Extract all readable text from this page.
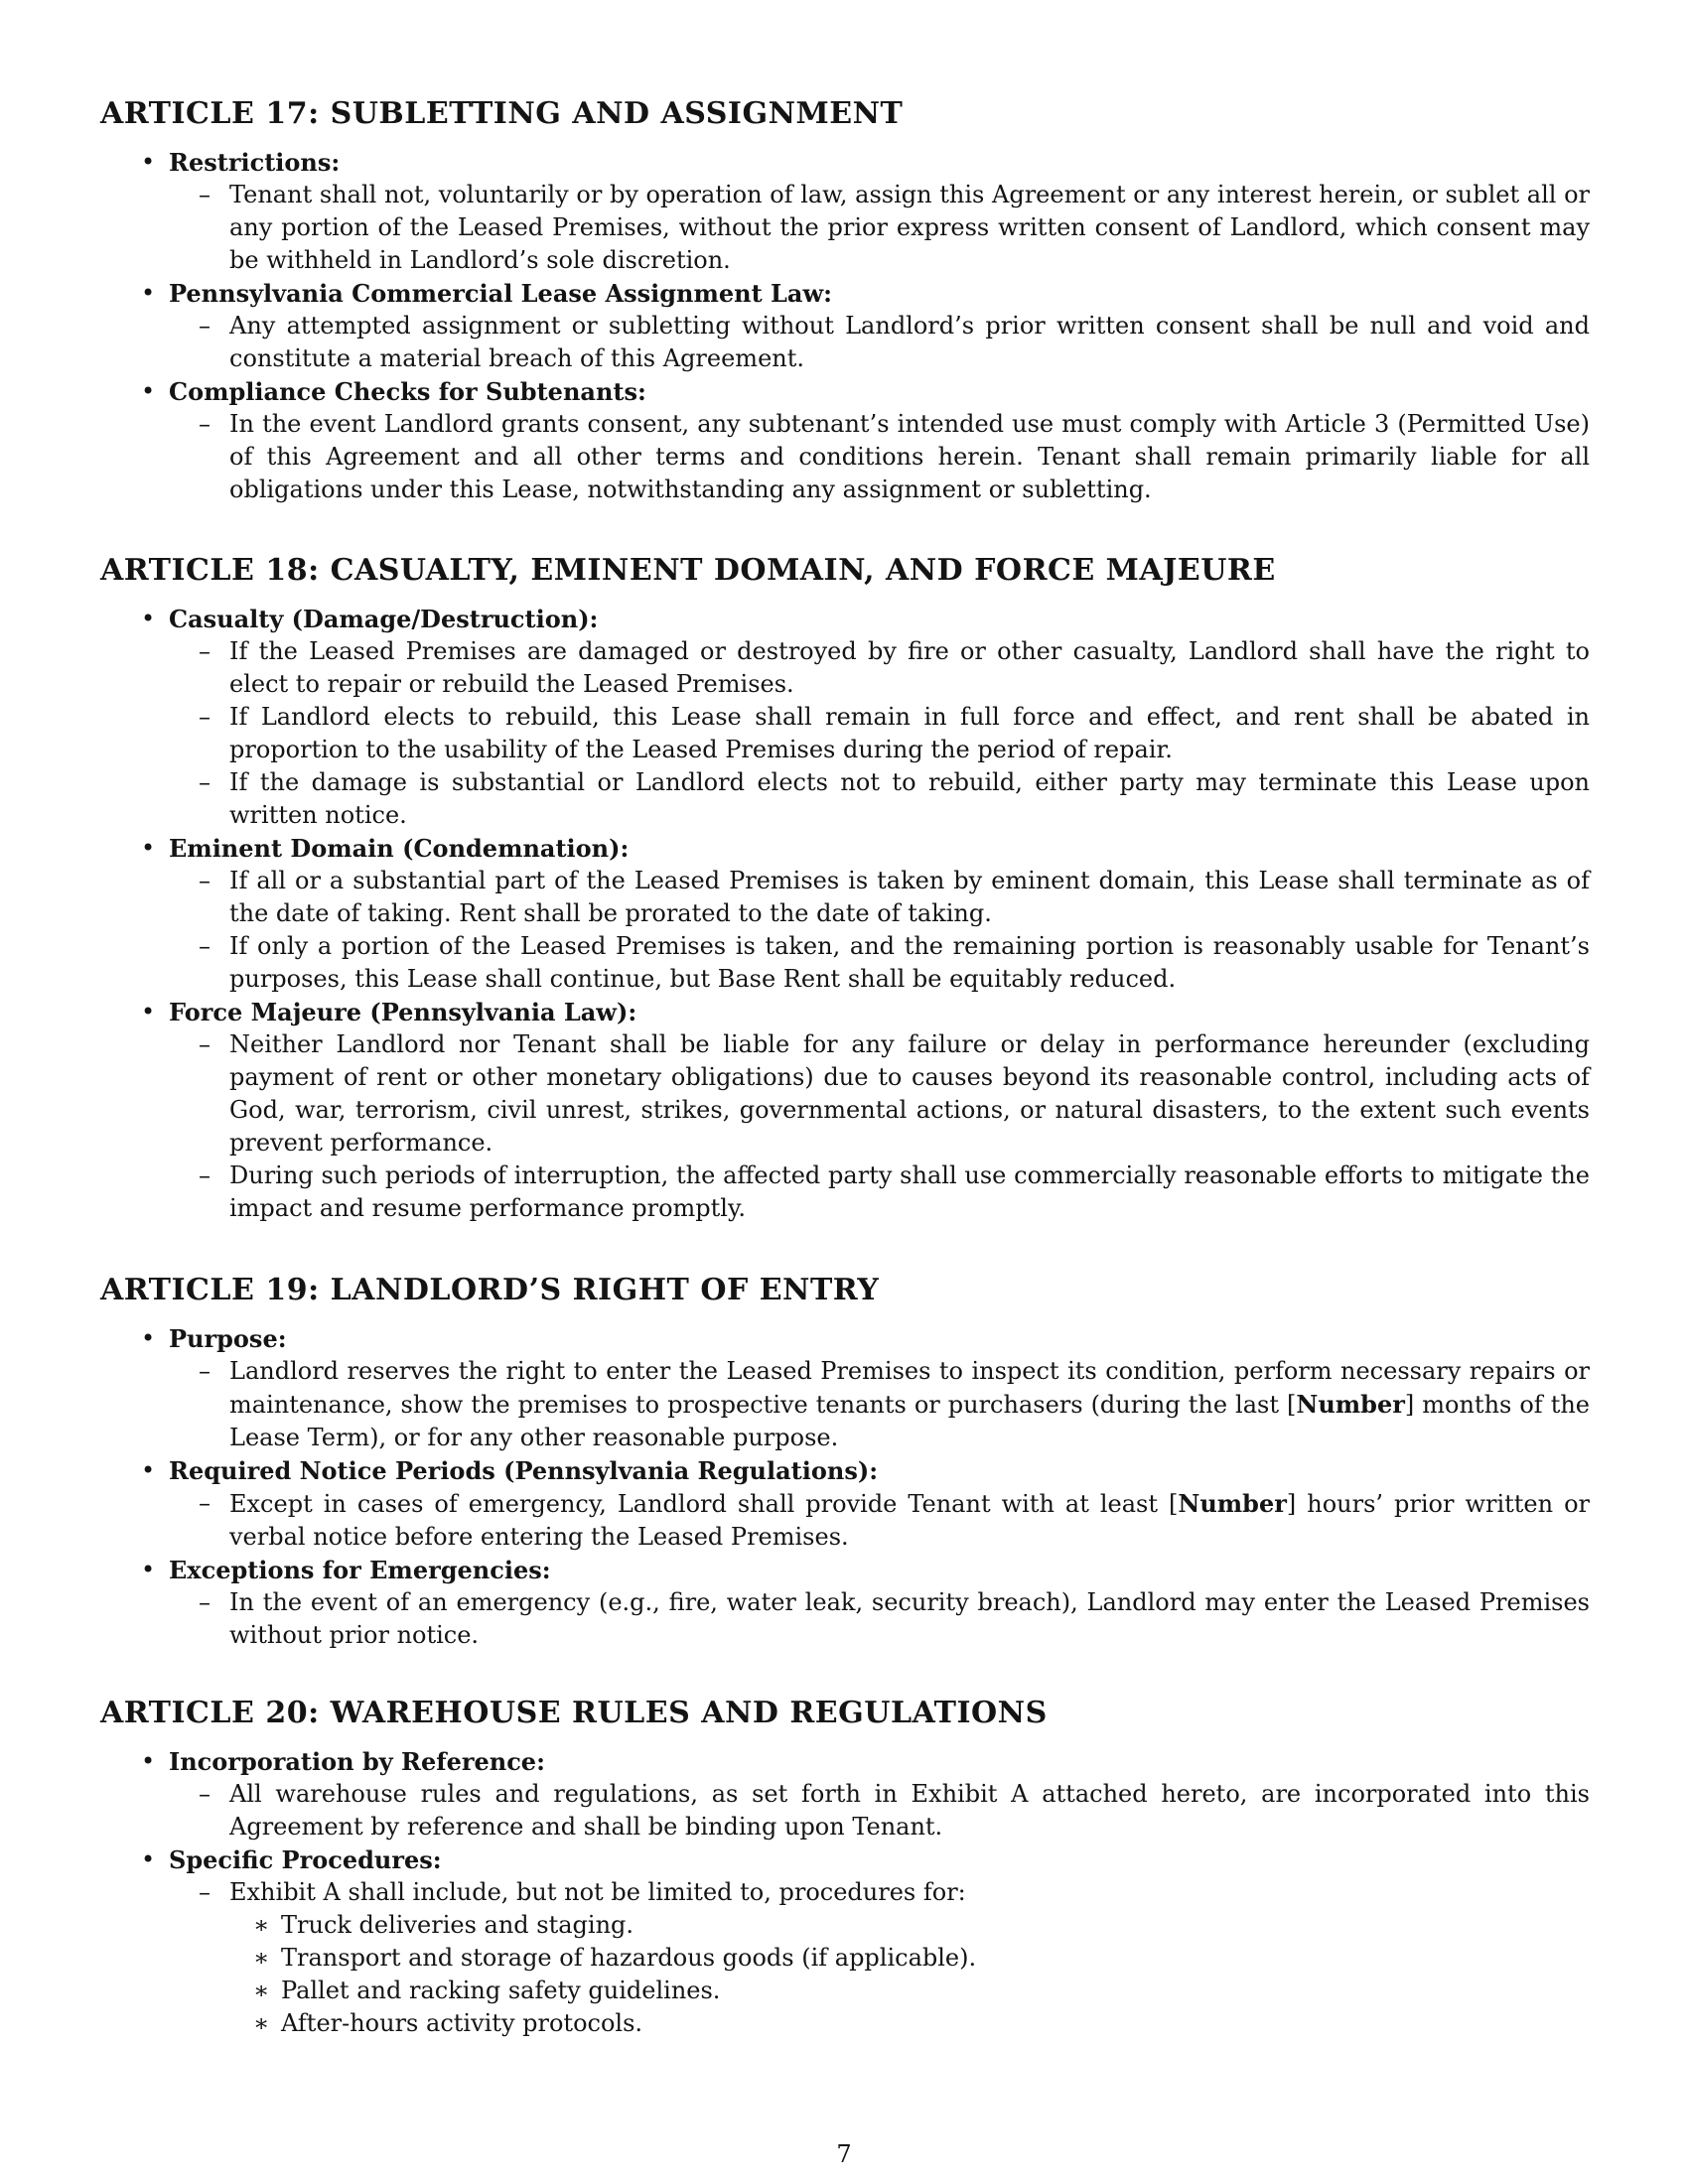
ARTICLE 17: SUBLETTING AND ASSIGNMENT
• Restrictions:
– Tenant shall not, voluntarily or by operation of law, assign this Agreement or any interest herein, or sublet all or any portion of the Leased Premises, without the prior express written consent of Landlord, which consent may be withheld in Landlord’s sole discretion.
• Pennsylvania Commercial Lease Assignment Law:
– Any attempted assignment or subletting without Landlord’s prior written consent shall be null and void and constitute a material breach of this Agreement.
• Compliance Checks for Subtenants:
– In the event Landlord grants consent, any subtenant’s intended use must comply with Article 3 (Permitted Use) of this Agreement and all other terms and conditions herein. Tenant shall remain primarily liable for all obligations under this Lease, notwithstanding any assignment or subletting.
ARTICLE 18: CASUALTY, EMINENT DOMAIN, AND FORCE MAJEURE
• Casualty (Damage/Destruction):
– If the Leased Premises are damaged or destroyed by fire or other casualty, Landlord shall have the right to elect to repair or rebuild the Leased Premises.
– If Landlord elects to rebuild, this Lease shall remain in full force and effect, and rent shall be abated in proportion to the usability of the Leased Premises during the period of repair.
– If the damage is substantial or Landlord elects not to rebuild, either party may terminate this Lease upon written notice.
• Eminent Domain (Condemnation):
– If all or a substantial part of the Leased Premises is taken by eminent domain, this Lease shall terminate as of the date of taking. Rent shall be prorated to the date of taking.
– If only a portion of the Leased Premises is taken, and the remaining portion is reasonably usable for Tenant’s purposes, this Lease shall continue, but Base Rent shall be equitably reduced.
• Force Majeure (Pennsylvania Law):
– Neither Landlord nor Tenant shall be liable for any failure or delay in performance hereunder (excluding payment of rent or other monetary obligations) due to causes beyond its reasonable control, including acts of God, war, terrorism, civil unrest, strikes, governmental actions, or natural disasters, to the extent such events prevent performance.
– During such periods of interruption, the affected party shall use commercially reasonable efforts to mitigate the impact and resume performance promptly.
ARTICLE 19: LANDLORD’S RIGHT OF ENTRY
• Purpose:
– Landlord reserves the right to enter the Leased Premises to inspect its condition, perform necessary repairs or maintenance, show the premises to prospective tenants or purchasers (during the last [Number] months of the Lease Term), or for any other reasonable purpose.
• Required Notice Periods (Pennsylvania Regulations):
– Except in cases of emergency, Landlord shall provide Tenant with at least [Number] hours’ prior written or verbal notice before entering the Leased Premises.
• Exceptions for Emergencies:
– In the event of an emergency (e.g., fire, water leak, security breach), Landlord may enter the Leased Premises without prior notice.
ARTICLE 20: WAREHOUSE RULES AND REGULATIONS
• Incorporation by Reference:
– All warehouse rules and regulations, as set forth in Exhibit A attached hereto, are incorporated into this Agreement by reference and shall be binding upon Tenant.
• Specific Procedures:
– Exhibit A shall include, but not be limited to, procedures for:
∗ Truck deliveries and staging.
∗ Transport and storage of hazardous goods (if applicable).
∗ Pallet and racking safety guidelines.
∗ After-hours activity protocols.
7
